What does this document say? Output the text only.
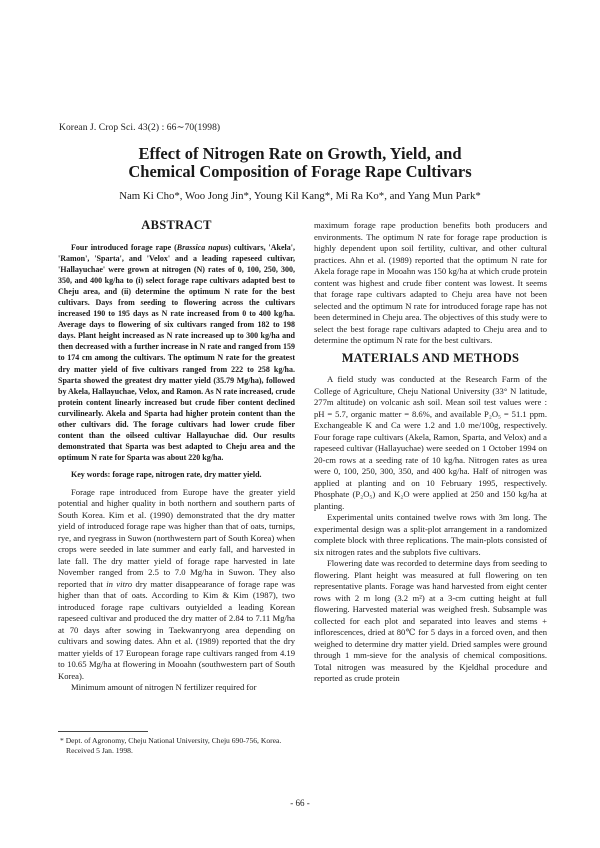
Korean J. Crop Sci. 43(2) : 66∼70(1998)
Effect of Nitrogen Rate on Growth, Yield, and
Chemical Composition of Forage Rape Cultivars
Nam Ki Cho*, Woo Jong Jin*, Young Kil Kang*, Mi Ra Ko*, and Yang Mun Park*
ABSTRACT

Four introduced forage rape (Brassica napus) cultivars, 'Akela', 'Ramon', 'Sparta', and 'Velox' and a leading rapeseed cultivar, 'Hallayuchae' were grown at nitrogen (N) rates of 0, 100, 250, 300, 350, and 400 kg/ha to (i) select forage rape cultivars adapted best to Cheju area, and (ii) determine the optimum N rate for the best cultivars. Days from seeding to flowering across the cultivars increased 190 to 195 days as N rate increased from 0 to 400 kg/ha. Average days to flowering of six cultivars ranged from 182 to 198 days. Plant height increased as N rate increased up to 300 kg/ha and then decreased with a further increase in N rate and ranged from 159 to 174 cm among the cultivars. The optimum N rate for the greatest dry matter yield of five cultivars ranged from 222 to 258 kg/ha. Sparta showed the greatest dry matter yield (35.79 Mg/ha), followed by Akela, Hallayuchae, Velox, and Ramon. As N rate increased, crude protein content linearly increased but crude fiber content declined curvilinearly. Akela and Sparta had higher protein content than the other cultivars did. The forage cultivars had lower crude fiber content than the oilseed cultivar Hallayuchae did. Our results demonstrated that Sparta was best adapted to Cheju area and the optimum N rate for Sparta was about 220 kg/ha.

Key words: forage rape, nitrogen rate, dry matter yield.

Forage rape introduced from Europe have the greater yield potential and higher quality in both northern and southern parts of South Korea. Kim et al. (1990) demonstrated that the dry matter yield of introduced forage rape was higher than that of oats, turnips, rye, and ryegrass in Suwon (northwestern part of South Korea) when crops were seeded in late summer and early fall, and harvested in late fall. The dry matter yield of forage rape harvested in late November ranged from 2.5 to 7.0 Mg/ha in Suwon. They also reported that in vitro dry matter disappearance of forage rape was higher than that of oats. According to Kim & Kim (1987), two introduced forage rape cultivars outyielded a leading Korean rapeseed cultivar and produced the dry matter of 2.84 to 7.11 Mg/ha at 70 days after sowing in Taekwanryong area depending on cultivars and sowing dates. Ahn et al. (1989) reported that the dry matter yields of 17 European forage rape cultivars ranged from 4.19 to 10.65 Mg/ha at flowering in Mooahn (southwestern part of South Korea).

Minimum amount of nitrogen N fertilizer required for

maximum forage rape production benefits both producers and environments. The optimum N rate for forage rape production is highly dependent upon soil fertility, cultivar, and other cultural practices. Ahn et al. (1989) reported that the optimum N rate for Akela forage rape in Mooahn was 150 kg/ha at which crude protein content was highest and crude fiber content was lowest. It seems that forage rape cultivars adapted to Cheju area have not been selected and the optimum N rate for introduced forage rape has not been determined in Cheju area. The objectives of this study were to select the best forage rape cultivars adapted to Cheju area and to determine the optimum N rate for the best cultivars.

MATERIALS AND METHODS

A field study was conducted at the Research Farm of the College of Agriculture, Cheju National University (33° N latitude, 277m altitude) on volcanic ash soil. Mean soil test values were : pH = 5.7, organic matter = 8.6%, and available P₂O₅ = 51.1 ppm. Exchangeable K and Ca were 1.2 and 1.0 me/100g, respectively. Four forage rape cultivars (Akela, Ramon, Sparta, and Velox) and a rapeseed cultivar (Hallayuchae) were seeded on 1 October 1994 on 20-cm rows at a seeding rate of 10 kg/ha. Nitrogen rates as urea were 0, 100, 250, 300, 350, and 400 kg/ha. Half of nitrogen was applied at planting and on 10 February 1995, respectively. Phosphate (P₂O₅) and K₂O were applied at 250 and 150 kg/ha at planting.

Experimental units contained twelve rows with 3m long. The experimental design was a split-plot arrangement in a randomized complete block with three replications. The main-plots consisted of six nitrogen rates and the subplots five cultivars.

Flowering date was recorded to determine days from seeding to flowering. Plant height was measured at full flowering on ten representative plants. Forage was hand harvested from eight center rows with 2 m long (3.2 m²) at a 3-cm cutting height at full flowering. Harvested material was weighed fresh. Subsample was collected for each plot and separated into leaves and stems + inflorescences, dried at 80℃ for 5 days in a forced oven, and then weighed to determine dry matter yield. Dried samples were ground through 1 mm-sieve for the analysis of chemical compositions. Total nitrogen was measured by the Kjeldhal procedure and reported as crude protein

* Dept. of Agronomy, Cheju National University, Cheju 690-756, Korea.
Received 5 Jan. 1998.
- 66 -
